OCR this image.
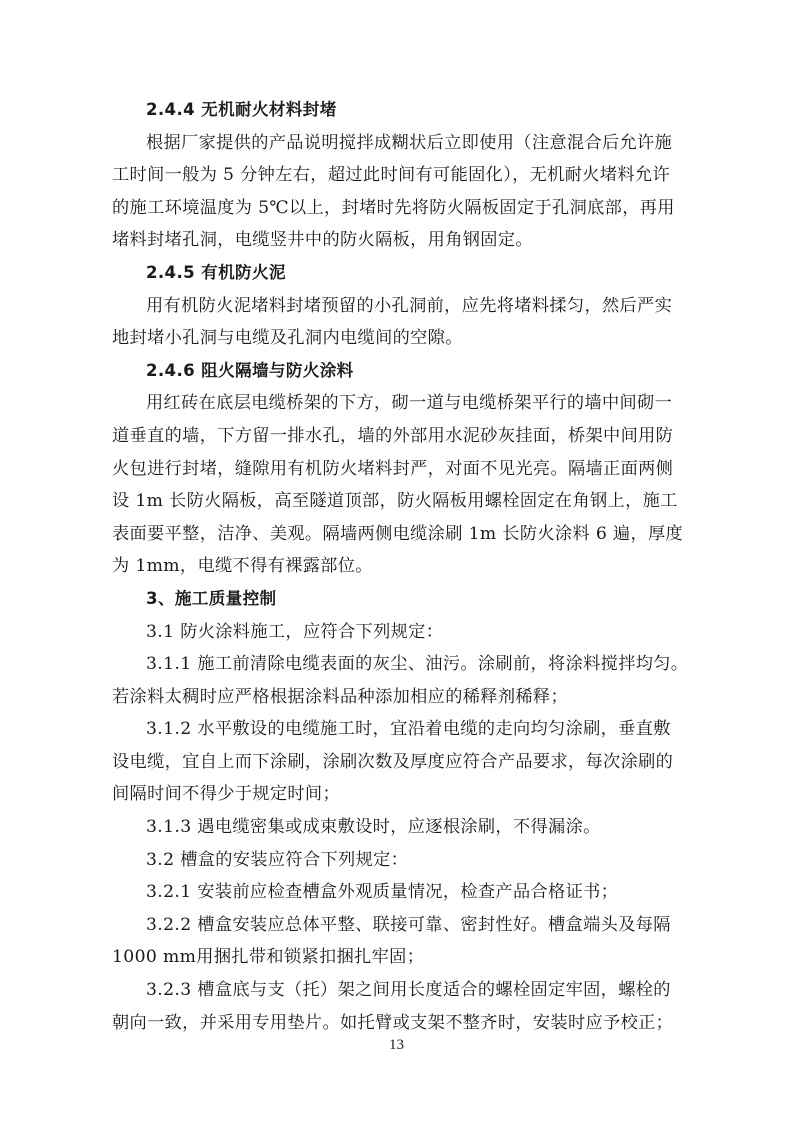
2.4.4 无机耐火材料封堵
根据厂家提供的产品说明搅拌成糊状后立即使用（注意混合后允许施
工时间一般为 5 分钟左右，超过此时间有可能固化），无机耐火堵料允许
的施工环境温度为 5℃以上，封堵时先将防火隔板固定于孔洞底部，再用
堵料封堵孔洞，电缆竖井中的防火隔板，用角钢固定。
2.4.5 有机防火泥
用有机防火泥堵料封堵预留的小孔洞前，应先将堵料揉匀，然后严实
地封堵小孔洞与电缆及孔洞内电缆间的空隙。
2.4.6 阻火隔墙与防火涂料
用红砖在底层电缆桥架的下方，砌一道与电缆桥架平行的墙中间砌一
道垂直的墙，下方留一排水孔，墙的外部用水泥砂灰挂面，桥架中间用防
火包进行封堵，缝隙用有机防火堵料封严，对面不见光亮。隔墙正面两侧
设 1m 长防火隔板，高至隧道顶部，防火隔板用螺栓固定在角钢上，施工
表面要平整，洁净、美观。隔墙两侧电缆涂刷 1m 长防火涂料 6 遍，厚度
为 1mm，电缆不得有裸露部位。
3、施工质量控制
3.1 防火涂料施工，应符合下列规定：
3.1.1 施工前清除电缆表面的灰尘、油污。涂刷前，将涂料搅拌均匀。
若涂料太稠时应严格根据涂料品种添加相应的稀释剂稀释；
3.1.2 水平敷设的电缆施工时，宜沿着电缆的走向均匀涂刷，垂直敷
设电缆，宜自上而下涂刷，涂刷次数及厚度应符合产品要求，每次涂刷的
间隔时间不得少于规定时间；
3.1.3 遇电缆密集或成束敷设时，应逐根涂刷，不得漏涂。
3.2 槽盒的安装应符合下列规定：
3.2.1 安装前应检查槽盒外观质量情况，检查产品合格证书；
3.2.2 槽盒安装应总体平整、联接可靠、密封性好。槽盒端头及每隔
1000 mm用捆扎带和锁紧扣捆扎牢固；
3.2.3 槽盒底与支（托）架之间用长度适合的螺栓固定牢固，螺栓的
朝向一致，并采用专用垫片。如托臂或支架不整齐时，安装时应予校正；
13
